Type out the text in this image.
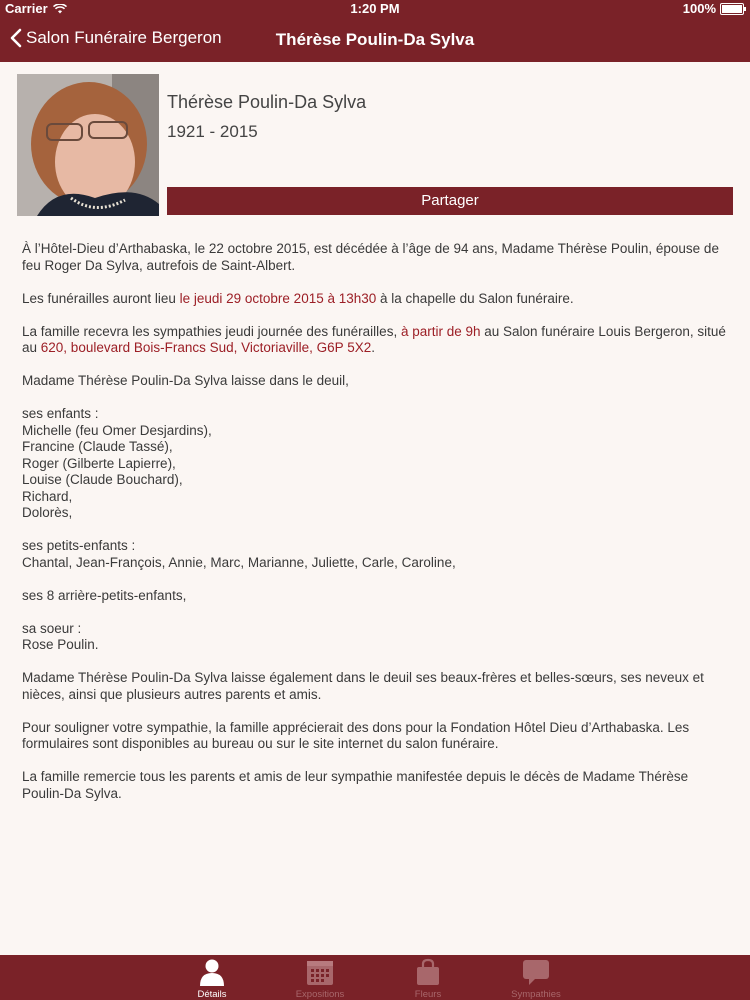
Carrier	1:20 PM	100%
Salon Funéraire Bergeron	Thérèse Poulin-Da Sylva
Thérèse Poulin-Da Sylva
1921 - 2015
Partager

À l’Hôtel-Dieu d’Arthabaska, le 22 octobre 2015, est décédée à l’âge de 94 ans, Madame Thérèse Poulin, épouse de feu Roger Da Sylva, autrefois de Saint-Albert.

Les funérailles auront lieu le jeudi 29 octobre 2015 à 13h30 à la chapelle du Salon funéraire.

La famille recevra les sympathies jeudi journée des funérailles, à partir de 9h au Salon funéraire Louis Bergeron, situé au 620, boulevard Bois-Francs Sud, Victoriaville, G6P 5X2.

Madame Thérèse Poulin-Da Sylva laisse dans le deuil,

ses enfants :
Michelle (feu Omer Desjardins),
Francine (Claude Tassé),
Roger (Gilberte Lapierre),
Louise (Claude Bouchard),
Richard,
Dolorès,

ses petits-enfants :
Chantal, Jean-François, Annie, Marc, Marianne, Juliette, Carle, Caroline,

ses 8 arrière-petits-enfants,

sa soeur :
Rose Poulin.

Madame Thérèse Poulin-Da Sylva laisse également dans le deuil ses beaux-frères et belles-sœurs, ses neveux et nièces, ainsi que plusieurs autres parents et amis.

Pour souligner votre sympathie, la famille apprécierait des dons pour la Fondation Hôtel Dieu d’Arthabaska. Les formulaires sont disponibles au bureau ou sur le site internet du salon funéraire.

La famille remercie tous les parents et amis de leur sympathie manifestée depuis le décès de Madame Thérèse Poulin-Da Sylva.

Détails	Expositions	Fleurs	Sympathies
